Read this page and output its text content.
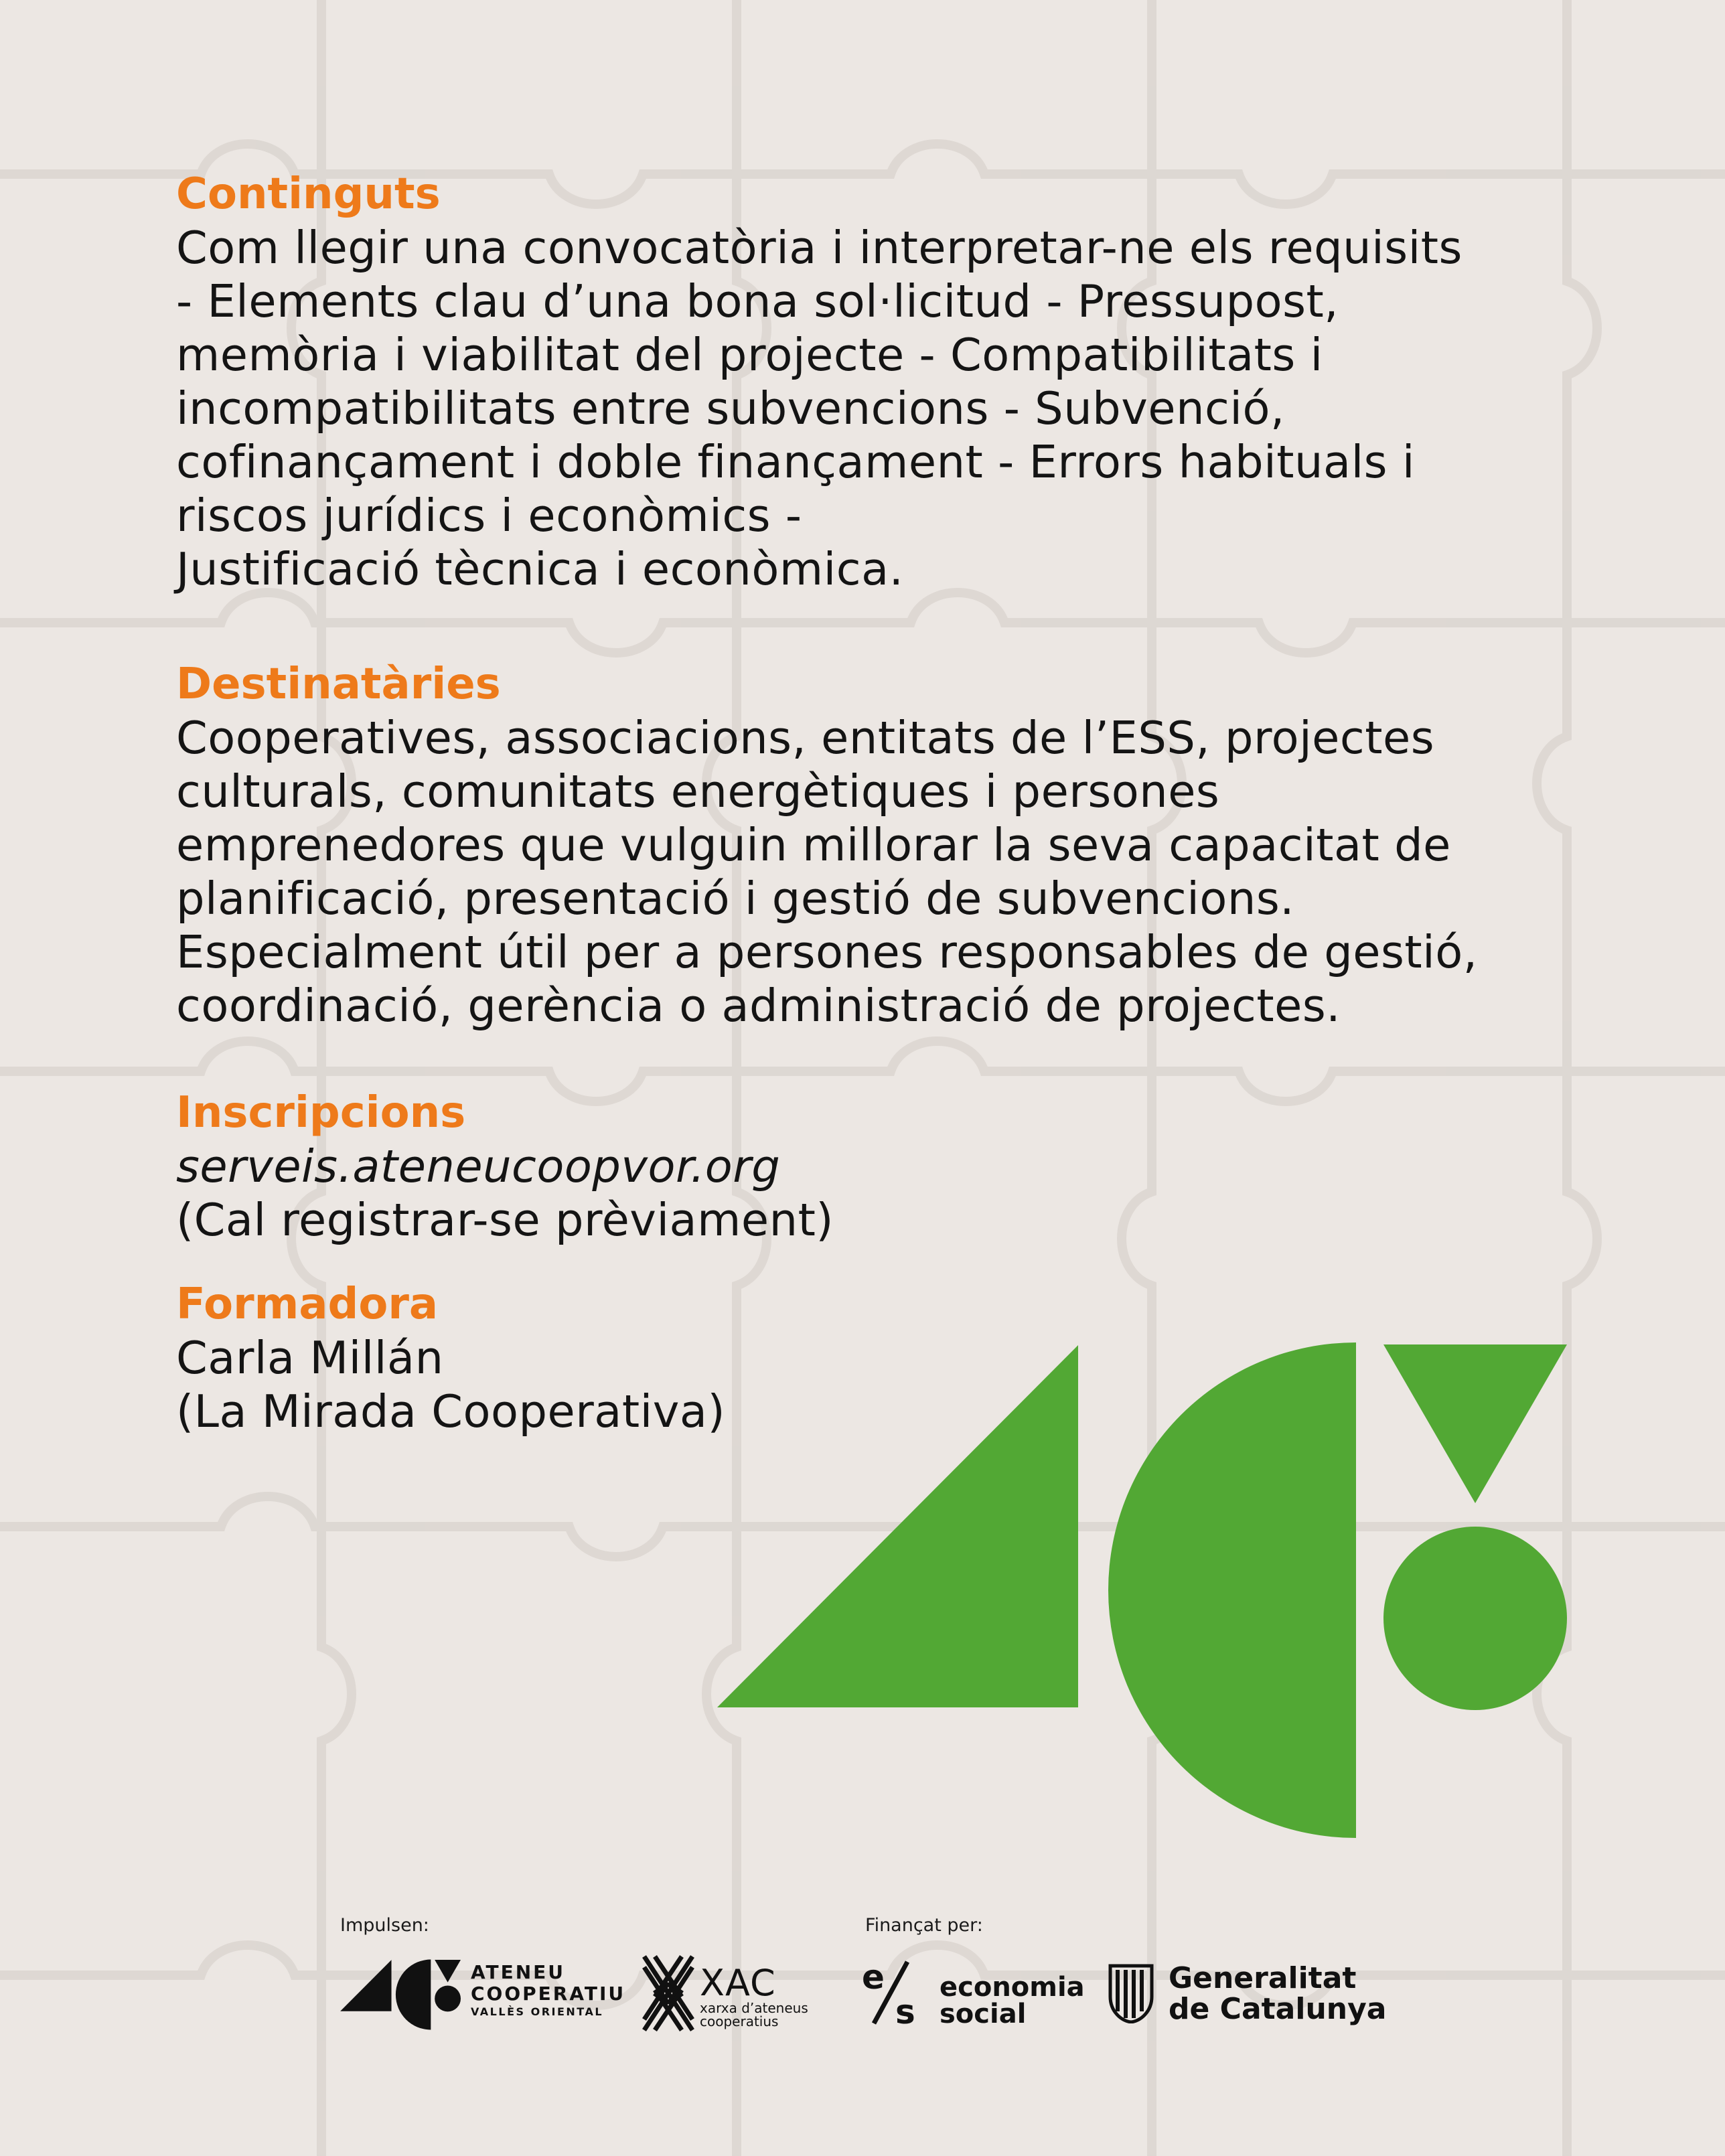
Continguts

Com llegir una convocatòria i interpretar-ne els requisits

- Elements clau d’una bona sol·licitud - Pressupost,

memòria i viabilitat del projecte - Compatibilitats i

incompatibilitats entre subvencions - Subvenció,

cofinançament i doble finançament - Errors habituals i

riscos jurídics i econòmics -

Justificació tècnica i econòmica.

Destinatàries

Cooperatives, associacions, entitats de l’ESS, projectes

culturals, comunitats energètiques i persones

emprenedores que vulguin millorar la seva capacitat de

planificació, presentació i gestió de subvencions.

Especialment útil per a persones responsables de gestió,

coordinació, gerència o administració de projectes.

Inscripcions

serveis.ateneucoopvor.org

(Cal registrar-se prèviament)

Formadora

Carla Millán

(La Mirada Cooperativa)

Impulsen:	Finançat per:
ATENEU
COOPERATIU
VALLÈS ORIENTAL
XAC
xarxa d’ateneus
cooperatius
e
s
economia
social
Generalitat
de Catalunya
